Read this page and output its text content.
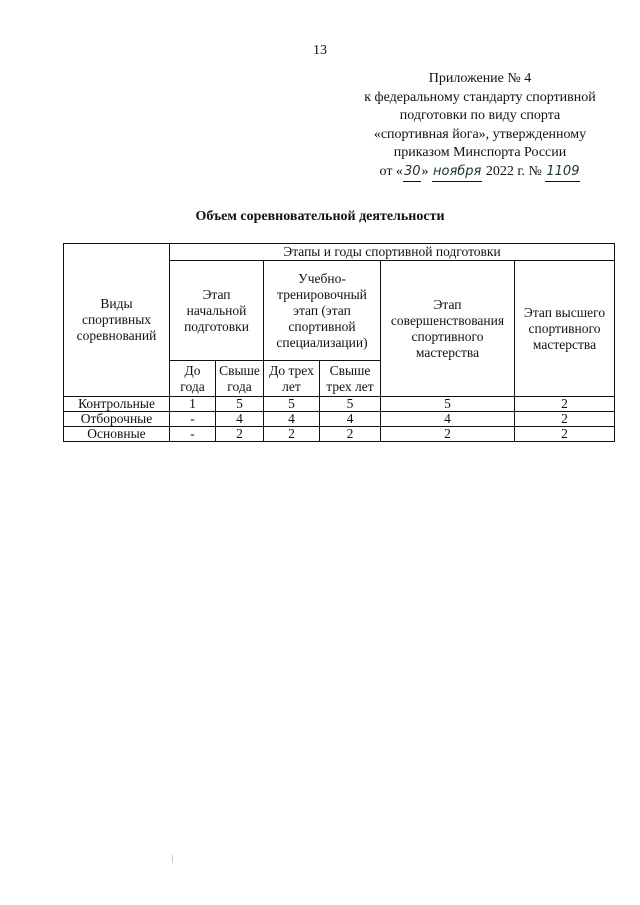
13
Приложение № 4
к федеральному стандарту спортивной
подготовки по виду спорта
«спортивная йога», утвержденному
приказом Минспорта России
от «30» ноября 2022 г. № 1109
Объем соревновательной деятельности
Виды спортивных соревнований	Этапы и годы спортивной подготовки					
	Этап начальной подготовки		Учебно-тренировочный этап (этап спортивной специализации)		Этап совершенствования спортивного мастерства	Этап высшего спортивного мастерства
	До года	Свыше года	До трех лет	Свыше трех лет		
Контрольные	1	5	5	5	5	2
Отборочные	-	4	4	4	4	2
Основные	-	2	2	2	2	2
